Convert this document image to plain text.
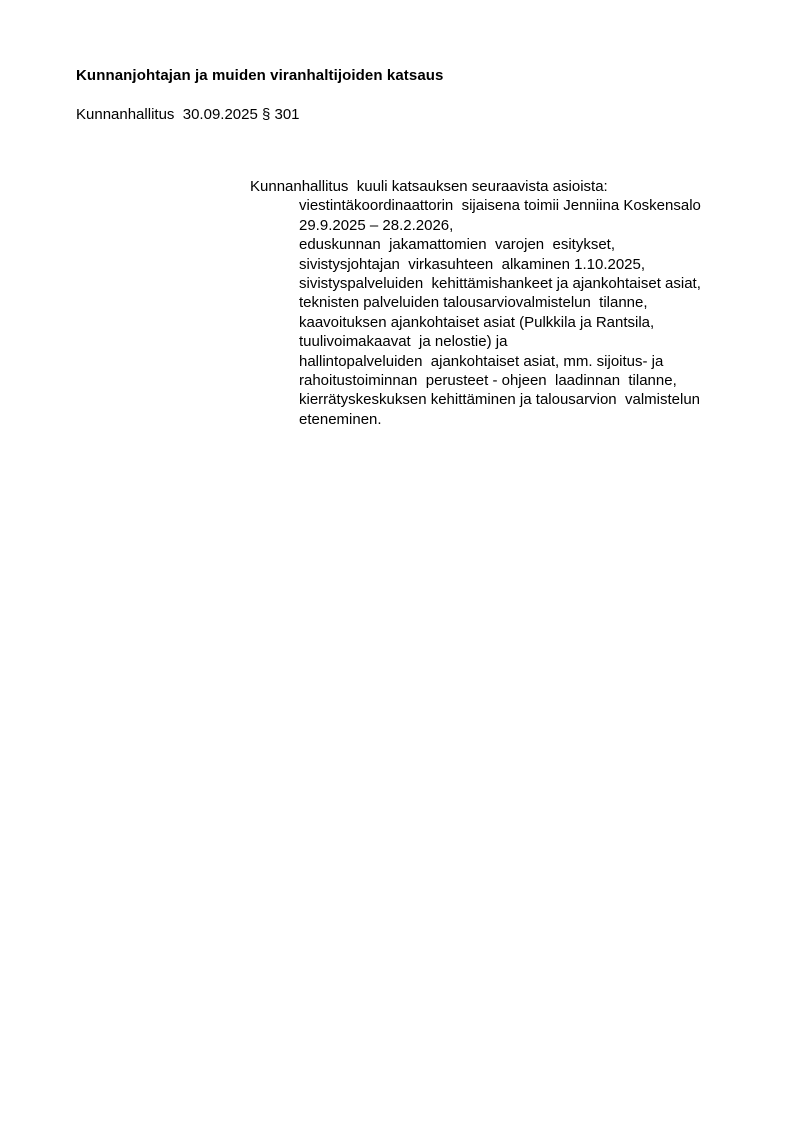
Kunnanjohtajan ja muiden viranhaltijoiden katsaus
Kunnanhallitus  30.09.2025 § 301
Kunnanhallitus  kuuli katsauksen seuraavista asioista:
viestintäkoordinaattorin  sijaisena toimii Jenniina Koskensalo
29.9.2025 – 28.2.2026,
eduskunnan  jakamattomien  varojen  esitykset,
sivistysjohtajan  virkasuhteen  alkaminen 1.10.2025,
sivistyspalveluiden  kehittämishankeet ja ajankohtaiset asiat,
teknisten palveluiden talousarviovalmistelun  tilanne,
kaavoituksen ajankohtaiset asiat (Pulkkila ja Rantsila,
tuulivoimakaavat  ja nelostie) ja
hallintopalveluiden  ajankohtaiset asiat, mm. sijoitus- ja
rahoitustoiminnan  perusteet - ohjeen  laadinnan  tilanne,
kierrätyskeskuksen kehittäminen ja talousarvion  valmistelun
eteneminen.
